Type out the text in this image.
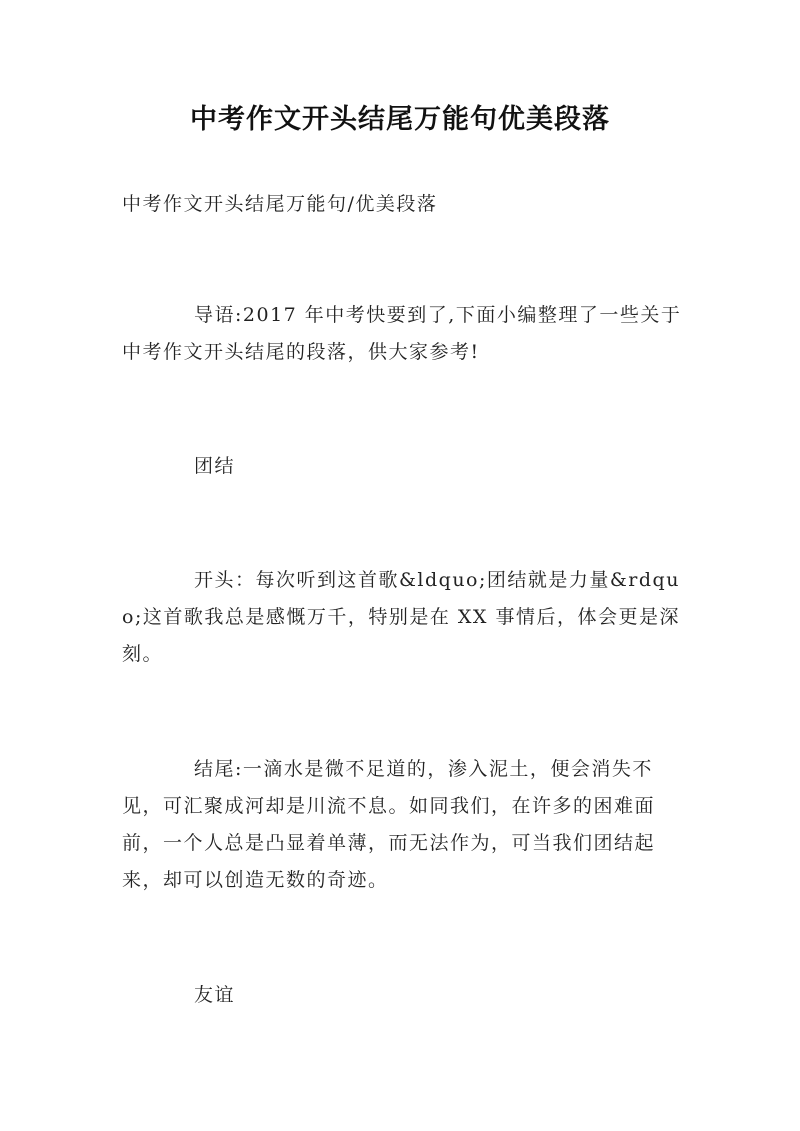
中考作文开头结尾万能句优美段落
中考作文开头结尾万能句/优美段落
导语:2017 年中考快要到了,下面小编整理了一些关于中考作文开头结尾的段落，供大家参考!
团结
开头：每次听到这首歌&ldquo;团结就是力量&rdquo;这首歌我总是感慨万千，特别是在 XX 事情后，体会更是深刻。
结尾:一滴水是微不足道的，渗入泥土，便会消失不见，可汇聚成河却是川流不息。如同我们，在许多的困难面前，一个人总是凸显着单薄，而无法作为，可当我们团结起来，却可以创造无数的奇迹。
友谊
